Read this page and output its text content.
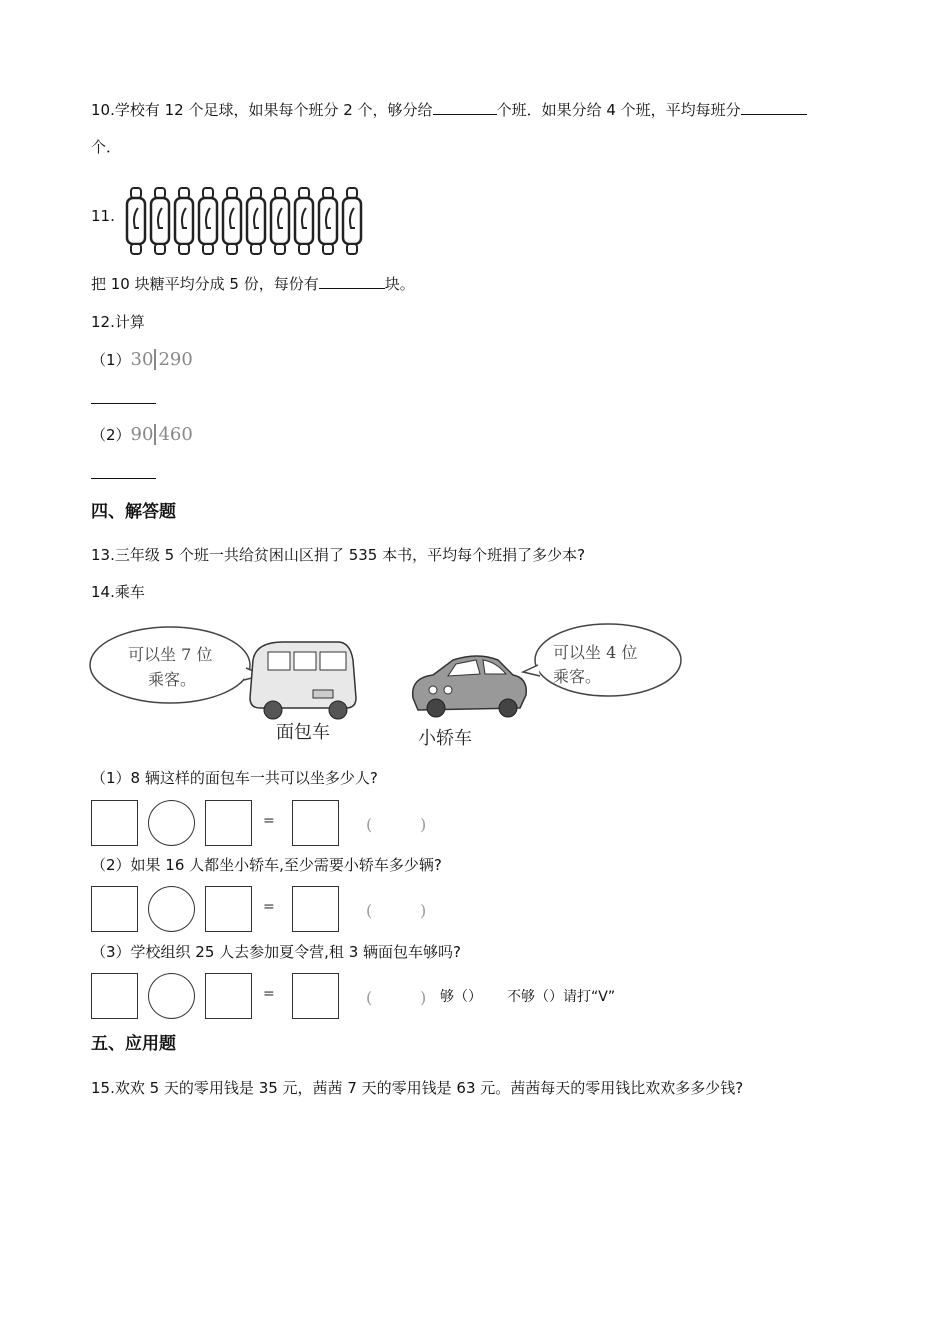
10.学校有 12 个足球，如果每个班分 2 个，够分给	个班．如果分给 4 个班，平均每班分
个．
11.
把 10 块糖平均分成 5 份，每份有	块。
12.计算
（1）30 290
（2）90 460
四、解答题
13.三年级 5 个班一共给贫困山区捐了 535 本书，平均每个班捐了多少本?
14.乘车
可以坐 7 位
乘客。
面包车	小轿车
可以坐 4 位
乘客。
（1）8 辆这样的面包车一共可以坐多少人?
=	(	)
（2）如果 16 人都坐小轿车,至少需要小轿车多少辆?
=	(	)
（3）学校组织 25 人去参加夏令营,租 3 辆面包车够吗?
=	(	) 够（） 不够（）请打“V”
五、应用题
15.欢欢 5 天的零用钱是 35 元，茜茜 7 天的零用钱是 63 元。茜茜每天的零用钱比欢欢多多少钱?
